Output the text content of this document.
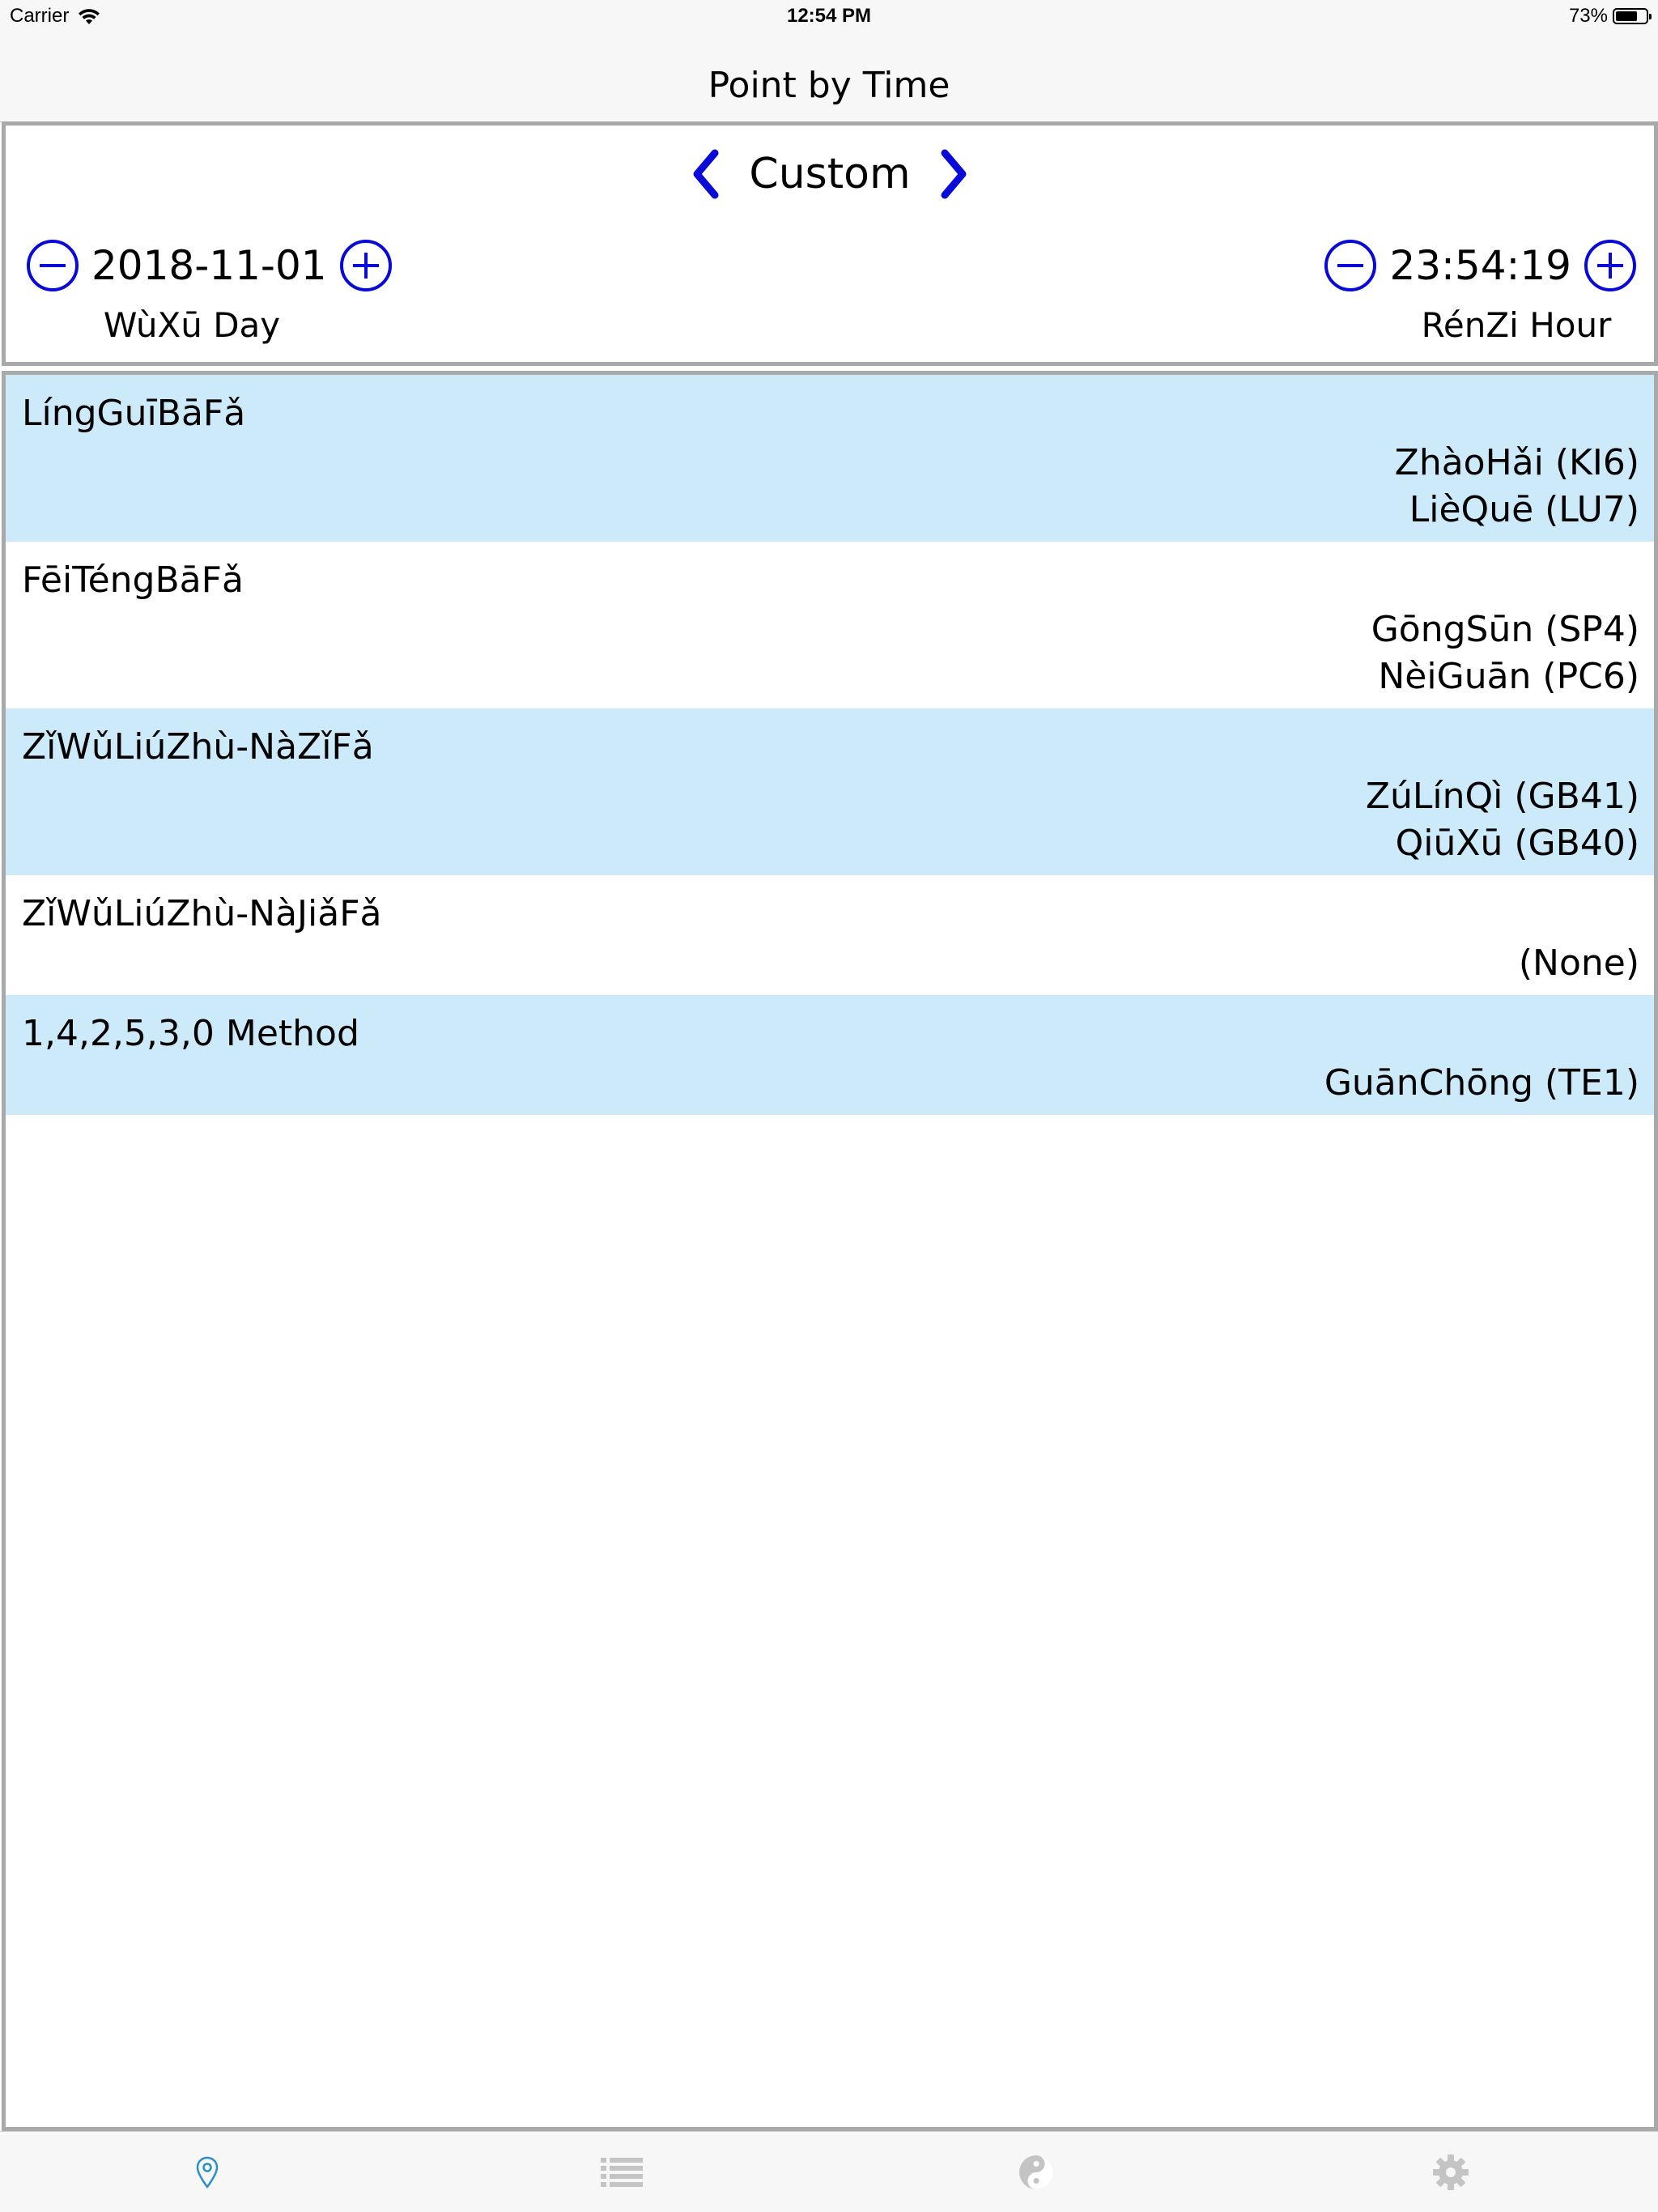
Carrier	12:54 PM	73%
Point by Time
Custom
2018-11-01	23:54:19
WùXū Day	RénZi Hour
LíngGuīBāFǎ
ZhàoHǎi (KI6)
LièQuē (LU7)
FēiTéngBāFǎ
GōngSūn (SP4)
NèiGuān (PC6)
ZǐWǔLiúZhù-NàZǐFǎ
ZúLínQì (GB41)
QiūXū (GB40)
ZǐWǔLiúZhù-NàJiǎFǎ
(None)
1,4,2,5,3,0 Method
GuānChōng (TE1)
